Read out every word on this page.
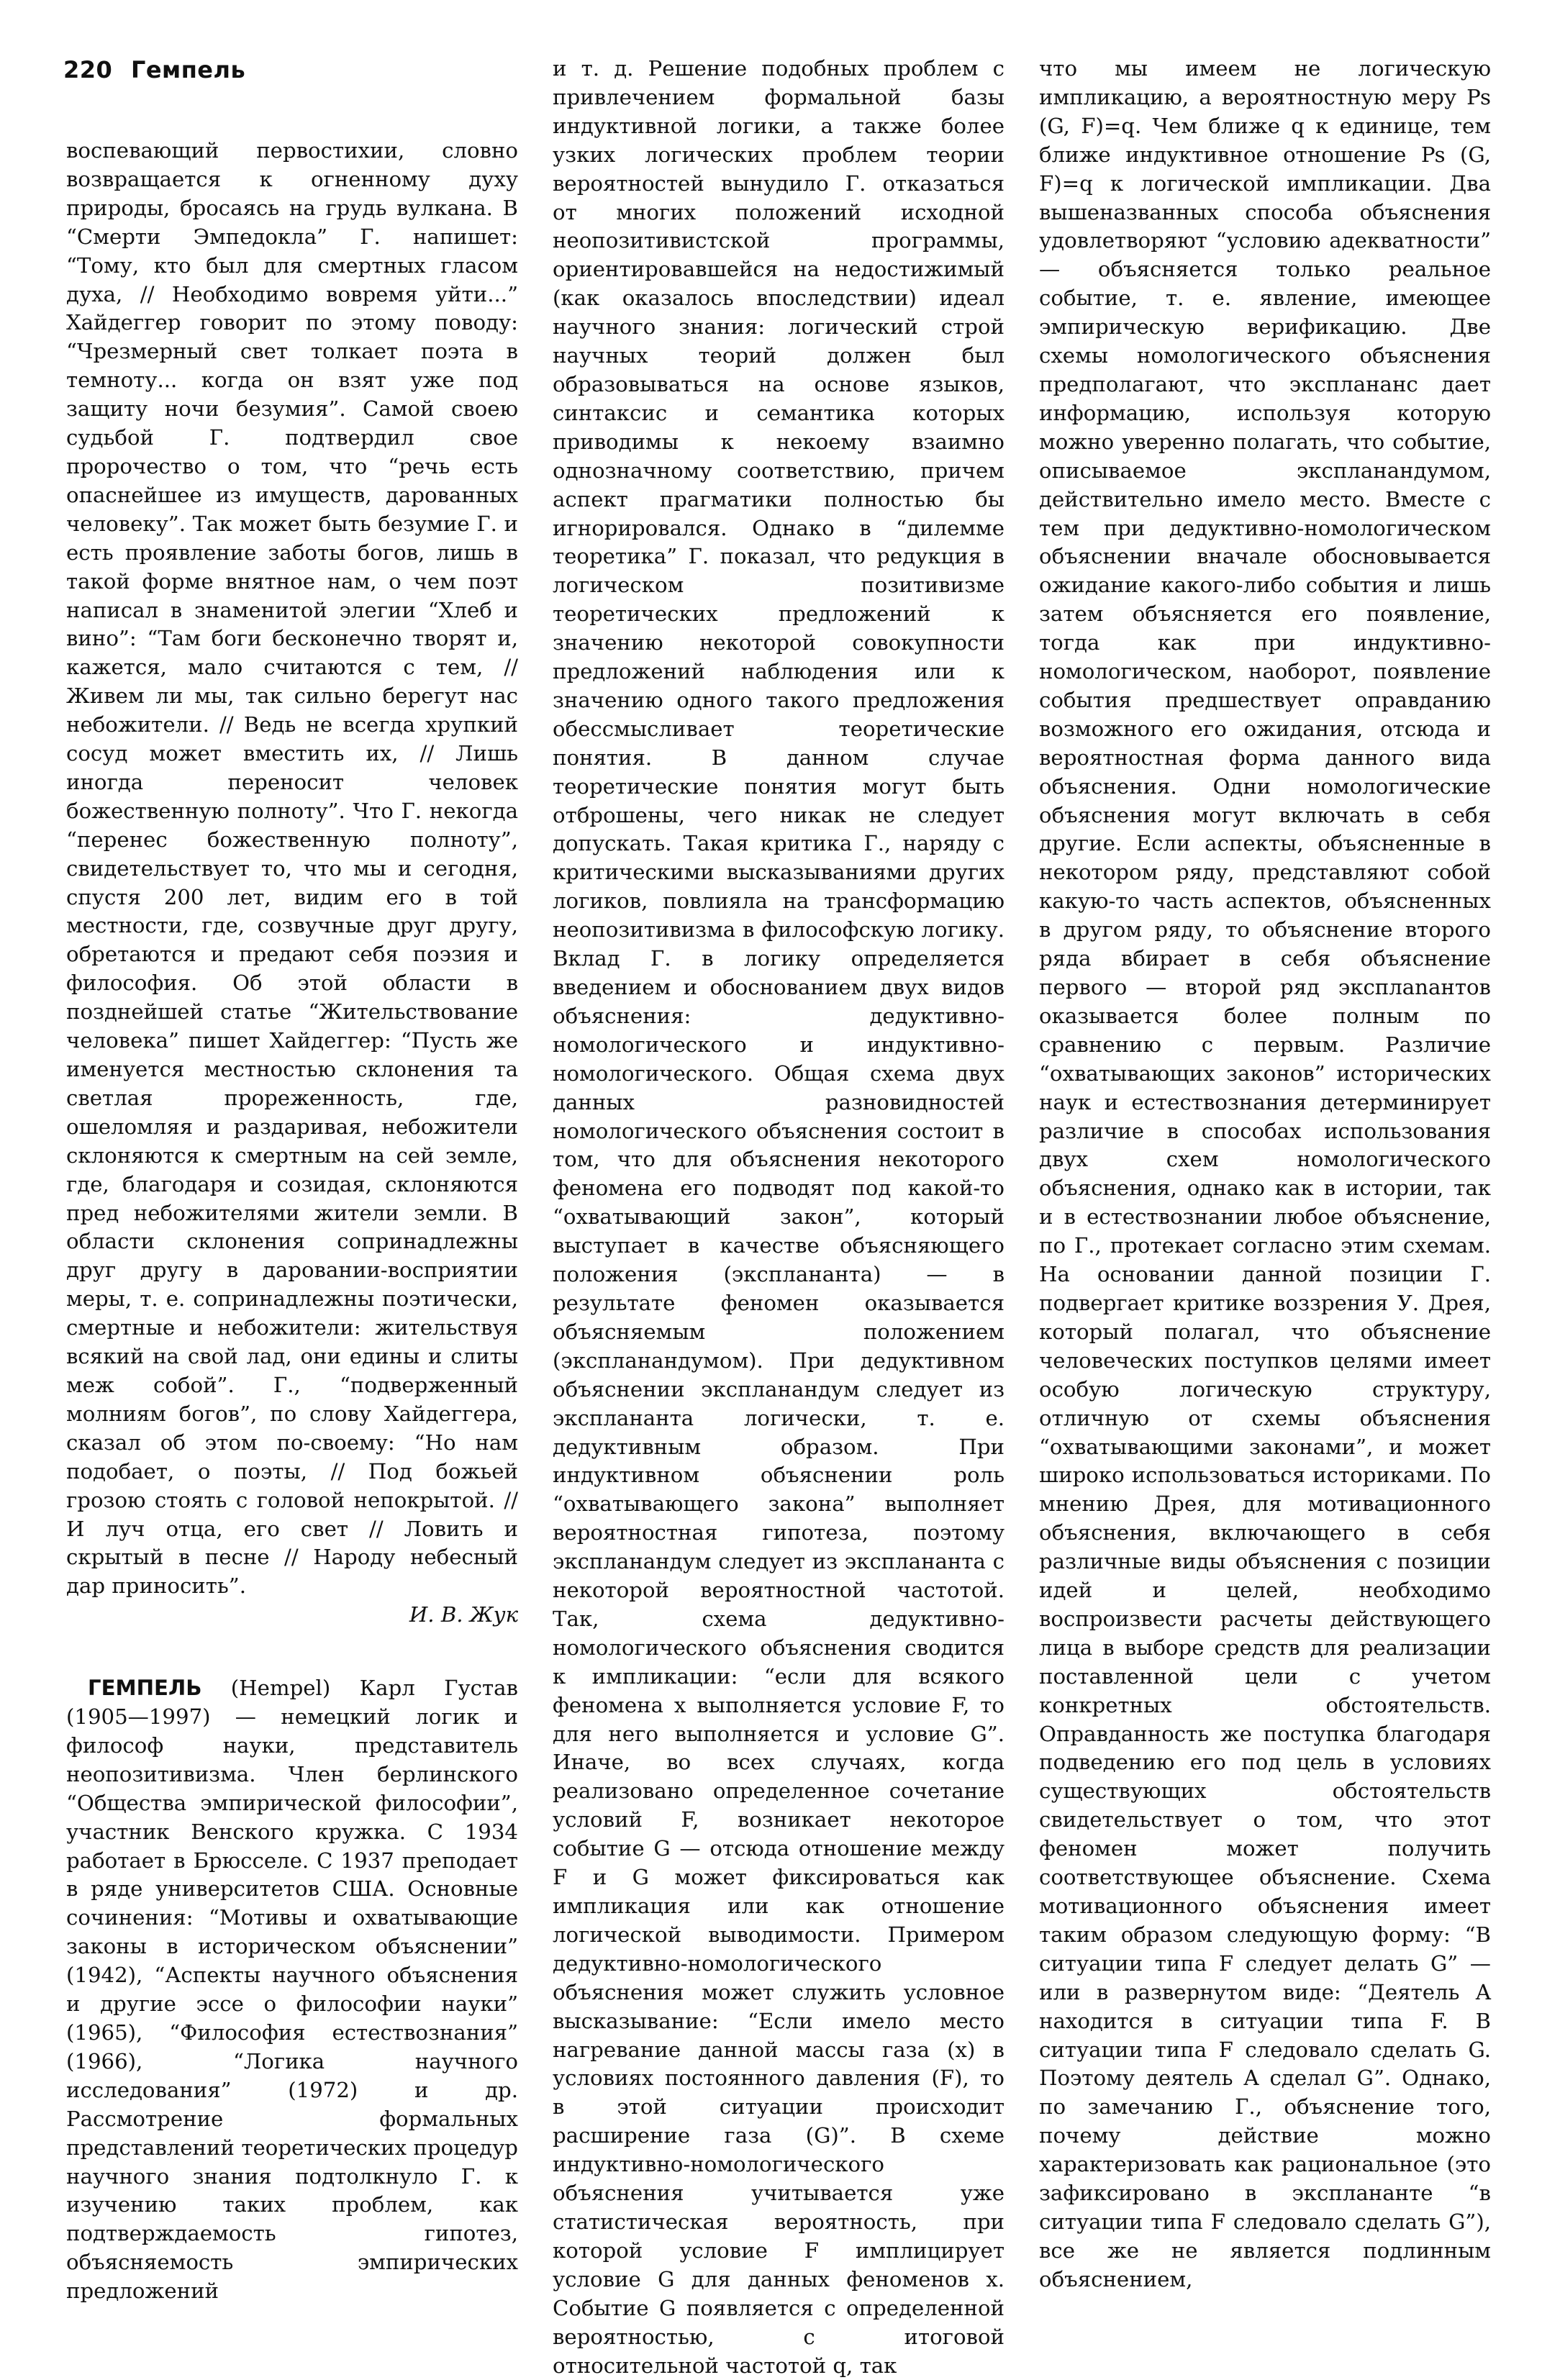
220 Гемпель

воспевающий первостихии, словно возвращается к огненному духу природы, бросаясь на грудь вулкана. В “Смерти Эмпедокла” Г. напишет: “Тому, кто был для смертных гласом духа, // Необходимо вовремя уйти...” Хайдеггер говорит по этому поводу: “Чрезмерный свет толкает поэта в темноту... когда он взят уже под защиту ночи безумия”. Самой своею судьбой Г. подтвердил свое пророчество о том, что “речь есть опаснейшее из имуществ, дарованных человеку”. Так может быть безумие Г. и есть проявление заботы богов, лишь в такой форме внятное нам, о чем поэт написал в знаменитой элегии “Хлеб и вино”: “Там боги бесконечно творят и, кажется, мало считаются с тем, // Живем ли мы, так сильно берегут нас небожители. // Ведь не всегда хрупкий сосуд может вместить их, // Лишь иногда переносит человек божественную полноту”. Что Г. некогда “перенес божественную полноту”, свидетельствует то, что мы и сегодня, спустя 200 лет, видим его в той местности, где, созвучные друг другу, обретаются и предают себя поэзия и философия. Об этой области в позднейшей статье “Жительствование человека” пишет Хайдеггер: “Пусть же именуется местностью склонения та светлая прореженность, где, ошеломляя и раздаривая, небожители склоняются к смертным на сей земле, где, благодаря и созидая, склоняются пред небожителями жители земли. В области склонения сопринадлежны друг другу в даровании-восприятии меры, т. е. сопринадлежны поэтически, смертные и небожители: жительствуя всякий на свой лад, они едины и слиты меж собой”. Г., “подверженный молниям богов”, по слову Хайдеггера, сказал об этом по-своему: “Но нам подобает, о поэты, // Под божьей грозою стоять с головой непокрытой. // И луч отца, его свет // Ловить и скрытый в песне // Народу небесный дар приносить”.

И. В. Жук

ГЕМПЕЛЬ (Hempel) Карл Густав (1905—1997) — немецкий логик и философ науки, представитель неопозитивизма. Член берлинского “Общества эмпирической философии”, участник Венского кружка. С 1934 работает в Брюсселе. С 1937 преподает в ряде университетов США. Основные сочинения: “Мотивы и охватывающие законы в историческом объяснении” (1942), “Аспекты научного объяснения и другие эссе о философии науки” (1965), “Философия естествознания” (1966), “Логика научного исследования” (1972) и др. Рассмотрение формальных представлений теоретических процедур научного знания подтолкнуло Г. к изучению таких проблем, как подтверждаемость гипотез, объясняемость эмпирических предложений

и т. д. Решение подобных проблем с привлечением формальной базы индуктивной логики, а также более узких логических проблем теории вероятностей вынудило Г. отказаться от многих положений исходной неопозитивистской программы, ориентировавшейся на недостижимый (как оказалось впоследствии) идеал научного знания: логический строй научных теорий должен был образовываться на основе языков, синтаксис и семантика которых приводимы к некоему взаимно однозначному соответствию, причем аспект прагматики полностью бы игнорировался. Однако в “дилемме теоретика” Г. показал, что редукция в логическом позитивизме теоретических предложений к значению некоторой совокупности предложений наблюдения или к значению одного такого предложения обессмысливает теоретические понятия. В данном случае теоретические понятия могут быть отброшены, чего никак не следует допускать. Такая критика Г., наряду с критическими высказываниями других логиков, повлияла на трансформацию неопозитивизма в философскую логику. Вклад Г. в логику определяется введением и обоснованием двух видов объяснения: дедуктивно-номологического и индуктивно-номологического. Общая схема двух данных разновидностей номологического объяснения состоит в том, что для объяснения некоторого феномена его подводят под какой-то “охватывающий закон”, который выступает в качестве объясняющего положения (эксплананта) — в результате феномен оказывается объясняемым положением (экспланандумом). При дедуктивном объяснении экспланандум следует из эксплананта логически, т. е. дедуктивным образом. При индуктивном объяснении роль “охватывающего закона” выполняет вероятностная гипотеза, поэтому экспланандум следует из эксплананта с некоторой вероятностной частотой. Так, схема дедуктивно-номологического объяснения сводится к импликации: “если для всякого феномена x выполняется условие F, то для него выполняется и условие G”. Иначе, во всех случаях, когда реализовано определенное сочетание условий F, возникает некоторое событие G — отсюда отношение между F и G может фиксироваться как импликация или как отношение логической выводимости. Примером дедуктивно-номологического объяснения может служить условное высказывание: “Если имело место нагревание данной массы газа (x) в условиях постоянного давления (F), то в этой ситуации происходит расширение газа (G)”. В схеме индуктивно-номологического объяснения учитывается уже статистическая вероятность, при которой условие F имплицирует условие G для данных феноменов x. Событие G появляется с определенной вероятностью, с итоговой относительной частотой q, так

что мы имеем не логическую импликацию, а вероятностную меру Ps (G, F)=q. Чем ближе q к единице, тем ближе индуктивное отношение Ps (G, F)=q к логической импликации. Два вышеназванных способа объяснения удовлетворяют “условию адекватности” — объясняется только реальное событие, т. е. явление, имеющее эмпирическую верификацию. Две схемы номологического объяснения предполагают, что эксплананс дает информацию, используя которую можно уверенно полагать, что событие, описываемое экспланандумом, действительно имело место. Вместе с тем при дедуктивно-номологическом объяснении вначале обосновывается ожидание какого-либо события и лишь затем объясняется его появление, тогда как при индуктивно-номологическом, наоборот, появление события предшествует оправданию возможного его ожидания, отсюда и вероятностная форма данного вида объяснения. Одни номологические объяснения могут включать в себя другие. Если аспекты, объясненные в некотором ряду, представляют собой какую-то часть аспектов, объясненных в другом ряду, то объяснение второго ряда вбирает в себя объяснение первого — второй ряд эксплanантов оказывается более полным по сравнению с первым. Различие “охватывающих законов” исторических наук и естествознания детерминирует различие в способах использования двух схем номологического объяснения, однако как в истории, так и в естествознании любое объяснение, по Г., протекает согласно этим схемам. На основании данной позиции Г. подвергает критике воззрения У. Дрея, который полагал, что объяснение человеческих поступков целями имеет особую логическую структуру, отличную от схемы объяснения “охватывающими законами”, и может широко использоваться историками. По мнению Дрея, для мотивационного объяснения, включающего в себя различные виды объяснения с позиции идей и целей, необходимо воспроизвести расчеты действующего лица в выборе средств для реализации поставленной цели с учетом конкретных обстоятельств. Оправданность же поступка благодаря подведению его под цель в условиях существующих обстоятельств свидетельствует о том, что этот феномен может получить соответствующее объяснение. Схема мотивационного объяснения имеет таким образом следующую форму: “В ситуации типа F следует делать G” — или в развернутом виде: “Деятель A находится в ситуации типа F. В ситуации типа F следовало сделать G. Поэтому деятель A сделал G”. Однако, по замечанию Г., объяснение того, почему действие можно характеризовать как рациональное (это зафиксировано в эксплананте “в ситуации типа F следовало сделать G”), все же не является подлинным объяснением,
